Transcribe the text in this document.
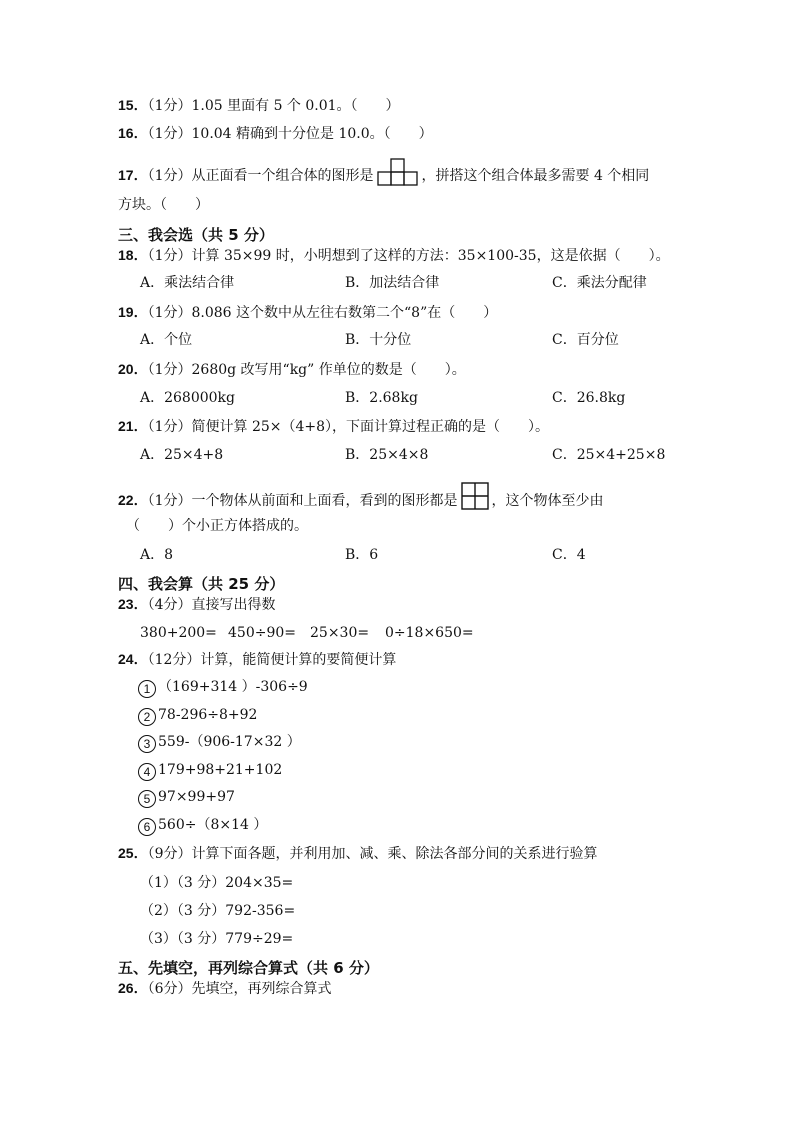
15．（1分）1.05 里面有 5 个 0.01。（　　）
16．（1分）10.04 精确到十分位是 10.0。（　　）
17．（1分）从正面看一个组合体的图形是	，拼搭这个组合体最多需要 4 个相同
方块。（　　）
三、我会选（共 5 分）
18．（1分）计算 35×99 时，小明想到了这样的方法：35×100-35，这是依据（　　）。
A．乘法结合律	B．加法结合律	C．乘法分配律
19．（1分）8.086 这个数中从左往右数第二个“8”在（　　）
A．个位	B．十分位	C．百分位
20．（1分）2680g 改写用“kg” 作单位的数是（　　）。
A．268000kg	B．2.68kg	C．26.8kg
21．（1分）简便计算 25×（4+8），下面计算过程正确的是（　　）。
A．25×4+8	B．25×4×8	C．25×4+25×8
22．（1分）一个物体从前面和上面看，看到的图形都是 ，这个物体至少由
（　　）个小正方体搭成的。
A．8	B．6	C．4
四、我会算（共 25 分）
23．（4分）直接写出得数
380+200= 450÷90= 25×30= 0÷18×650=
24．（12分）计算，能简便计算的要简便计算
1 （169+314 ）-306÷9
2 78-296÷8+92
3 559-（906-17×32 ）
4 179+98+21+102
5 97×99+97
6 560÷（8×14 ）
25．（9分）计算下面各题，并利用加、减、乘、除法各部分间的关系进行验算
（1）（3 分）204×35=
（2）（3 分）792-356=
（3）（3 分）779÷29=
五、先填空，再列综合算式（共 6 分）
26．（6分）先填空，再列综合算式
